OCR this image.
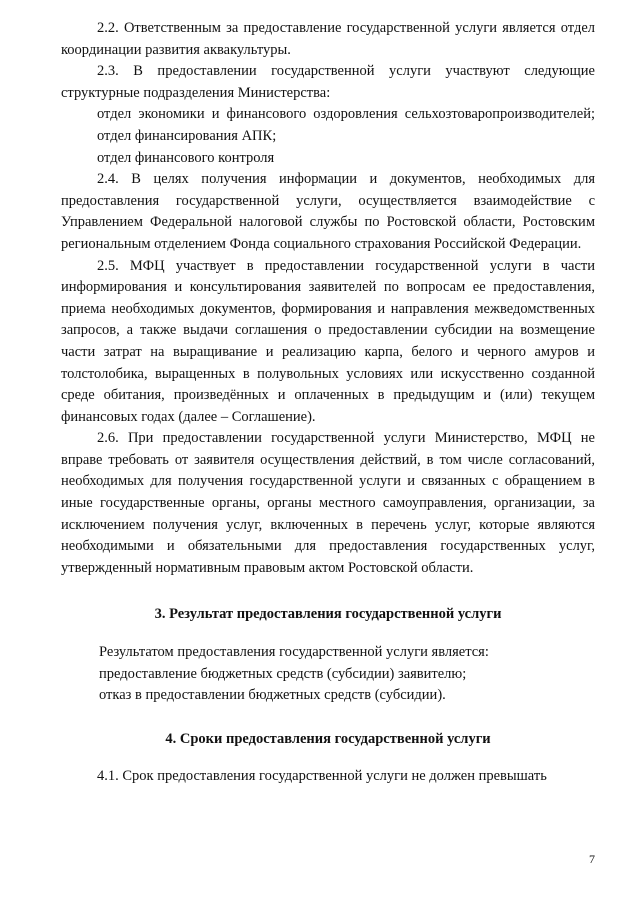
2.2. Ответственным за предоставление государственной услуги является отдел координации развития аквакультуры.

2.3. В предоставлении государственной услуги участвуют следующие структурные подразделения Министерства:

отдел экономики и финансового оздоровления сельхозтоваропроизводителей;

отдел финансирования АПК;

отдел финансового контроля

2.4. В целях получения информации и документов, необходимых для предоставления государственной услуги, осуществляется взаимодействие с Управлением Федеральной налоговой службы по Ростовской области, Ростовским региональным отделением Фонда социального страхования Российской Федерации.

2.5. МФЦ участвует в предоставлении государственной услуги в части информирования и консультирования заявителей по вопросам ее предоставления, приема необходимых документов, формирования и направления межведомственных запросов, а также выдачи соглашения о предоставлении субсидии на возмещение части затрат на выращивание и реализацию карпа, белого и черного амуров и толстолобика, выращенных в полувольных условиях или искусственно созданной среде обитания, произведённых и оплаченных в предыдущим и (или) текущем финансовых годах (далее – Соглашение).

2.6. При предоставлении государственной услуги Министерство, МФЦ не вправе требовать от заявителя осуществления действий, в том числе согласований, необходимых для получения государственной услуги и связанных с обращением в иные государственные органы, органы местного самоуправления, организации, за исключением получения услуг, включенных в перечень услуг, которые являются необходимыми и обязательными для предоставления государственных услуг, утвержденный нормативным правовым актом Ростовской области.

3. Результат предоставления государственной услуги

Результатом предоставления государственной услуги является:
предоставление бюджетных средств (субсидии) заявителю;
отказ в предоставлении бюджетных средств (субсидии).

4. Сроки предоставления государственной услуги

4.1. Срок предоставления государственной услуги не должен превышать

7
